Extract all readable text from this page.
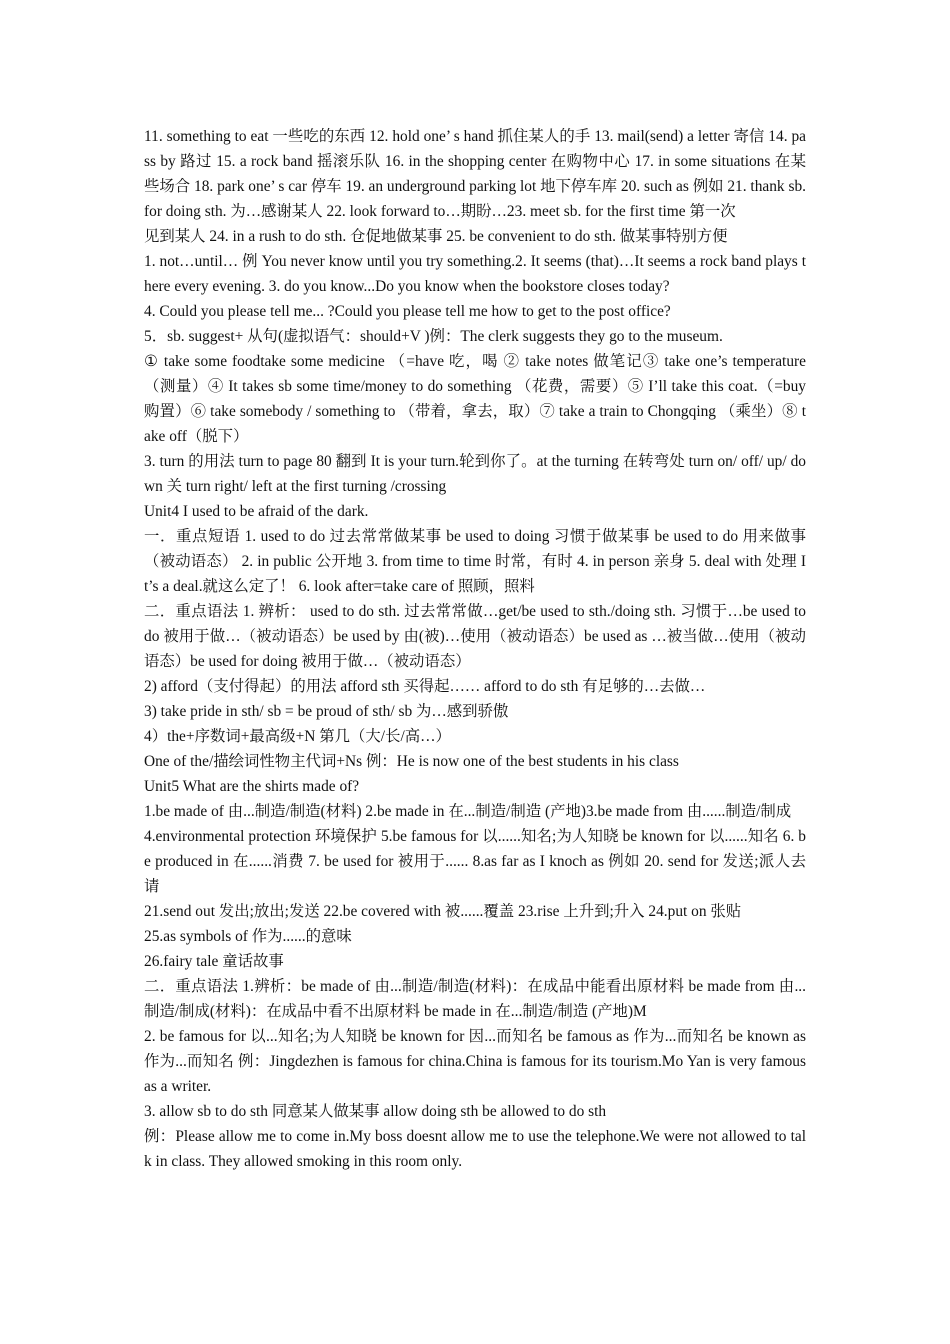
11. something to eat 一些吃的东西 12. hold one’ s hand 抓住某人的手 13. mail(send) a letter 寄信 14. pass by 路过 15. a rock band 摇滚乐队 16. in the shopping center 在购物中心 17. in some situations 在某些场合 18. park one’ s car 停车 19. an underground parking lot 地下停车库 20. such as 例如 21. thank sb. for doing sth. 为…感谢某人 22. look forward to…期盼…23. meet sb. for the first time 第一次

见到某人 24. in a rush to do sth. 仓促地做某事 25. be convenient to do sth. 做某事特别方便

1. not…until… 例 You never know until you try something.2. It seems (that)…It seems a rock band plays there every evening. 3. do you know...Do you know when the bookstore closes today?

4. Could you please tell me... ?Could you please tell me how to get to the post office?

5．sb. suggest+ 从句(虚拟语气：should+V )例：The clerk suggests they go to the museum.

① take some foodtake some medicine （=have 吃，喝 ② take notes 做笔记③ take one’s temperature（测量）④ It takes sb some time/money to do something （花费，需要）⑤ I’ll take this coat.（=buy 购置）⑥ take somebody / something to （带着，拿去，取）⑦ take a train to Chongqing （乘坐）⑧ take off（脱下）

3. turn 的用法 turn to page 80 翻到 It is your turn.轮到你了。at the turning 在转弯处 turn on/ off/ up/ down 关 turn right/ left at the first turning /crossing

Unit4 I used to be afraid of the dark.

一．重点短语 1. used to do 过去常常做某事 be used to doing 习惯于做某事 be used to do 用来做事（被动语态） 2. in public 公开地 3. from time to time 时常，有时 4. in person 亲身 5. deal with 处理 It’s a deal.就这么定了！ 6. look after=take care of 照顾，照料

二．重点语法 1. 辨析： used to do sth. 过去常常做…get/be used to sth./doing sth. 习惯于…be used to do 被用于做…（被动语态）be used by 由(被)…使用（被动语态）be used as …被当做…使用（被动语态）be used for doing 被用于做…（被动语态）

2) afford（支付得起）的用法 afford sth 买得起…… afford to do sth 有足够的…去做…

3) take pride in sth/ sb = be proud of sth/ sb 为…感到骄傲

4）the+序数词+最高级+N 第几（大/长/高…）

One of the/描绘词性物主代词+Ns 例：He is now one of the best students in his class

Unit5 What are the shirts made of?

1.be made of 由...制造/制造(材料) 2.be made in 在...制造/制造 (产地)3.be made from 由......制造/制成

4.environmental protection 环境保护 5.be famous for 以......知名;为人知晓 be known for 以......知名 6. be produced in 在......消费 7. be used for 被用于...... 8.as far as I knoch as 例如 20. send for 发送;派人去请

21.send out 发出;放出;发送 22.be covered with 被......覆盖 23.rise 上升到;升入 24.put on 张贴

25.as symbols of 作为......的意味

26.fairy tale 童话故事

二．重点语法 1.辨析：be made of 由...制造/制造(材料)：在成品中能看出原材料 be made from 由...制造/制成(材料)：在成品中看不出原材料 be made in 在...制造/制造 (产地)M

2. be famous for 以...知名;为人知晓 be known for 因...而知名 be famous as 作为...而知名 be known as 作为...而知名 例：Jingdezhen is famous for china.China is famous for its tourism.Mo Yan is very famous as a writer.

3. allow sb to do sth 同意某人做某事 allow doing sth be allowed to do sth

例：Please allow me to come in.My boss doesnt allow me to use the telephone.We were not allowed to talk in class. They allowed smoking in this room only.
